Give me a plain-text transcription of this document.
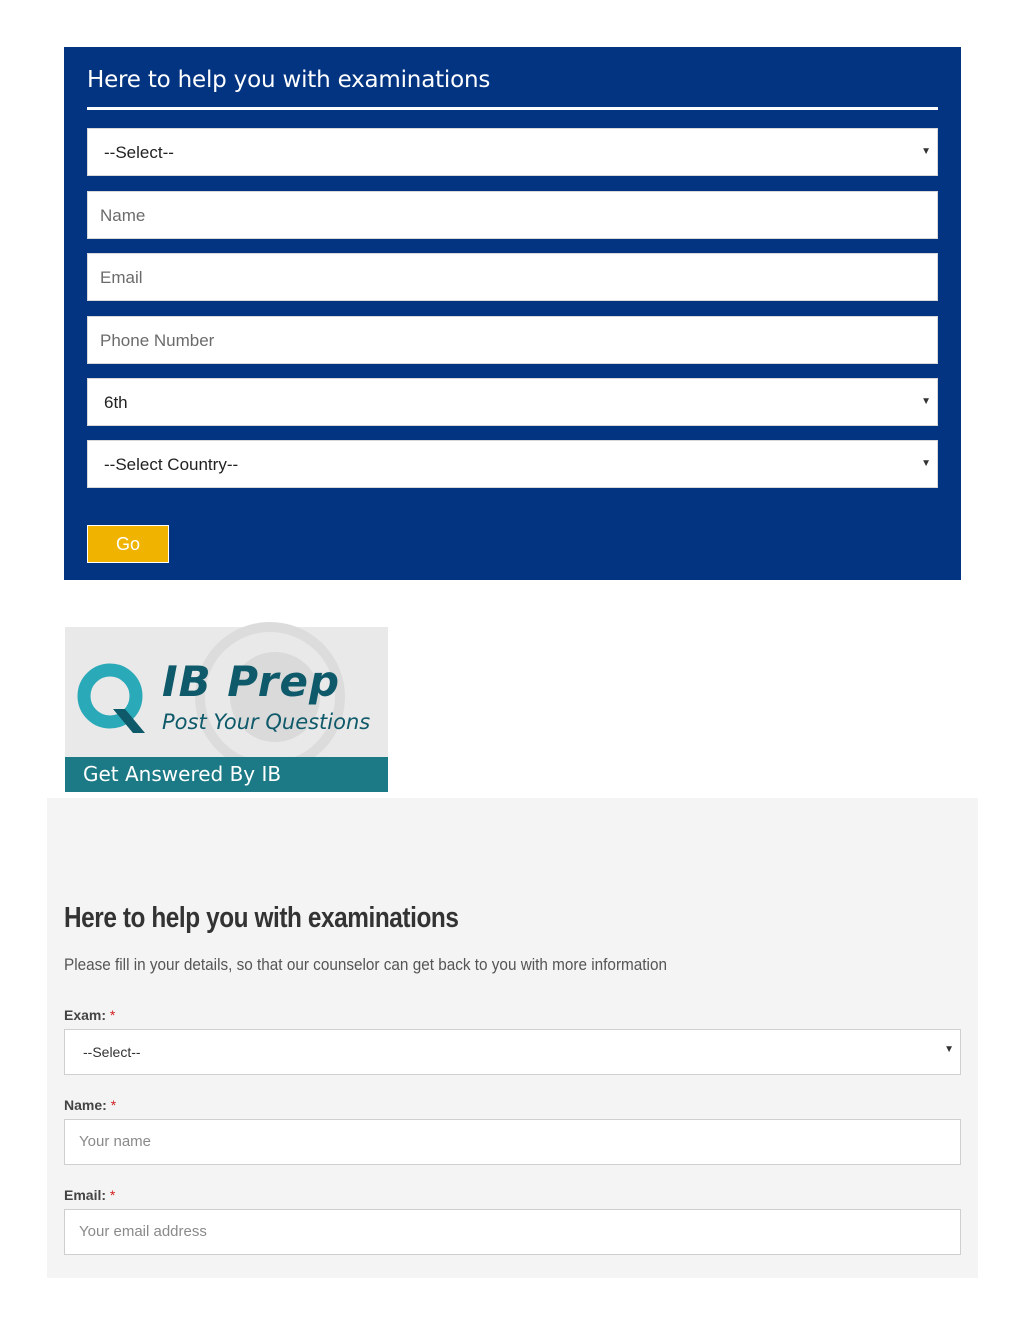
Here to help you with examinations
--Select--	▼
Name
Email
Phone Number
6th	▼
--Select Country--	▼
Go
IB Prep
Post Your Questions
Get Answered By IB
Here to help you with examinations
Please fill in your details, so that our counselor can get back to you with more information
Exam: *
--Select--	▼
Name: *
Your name
Email: *
Your email address
